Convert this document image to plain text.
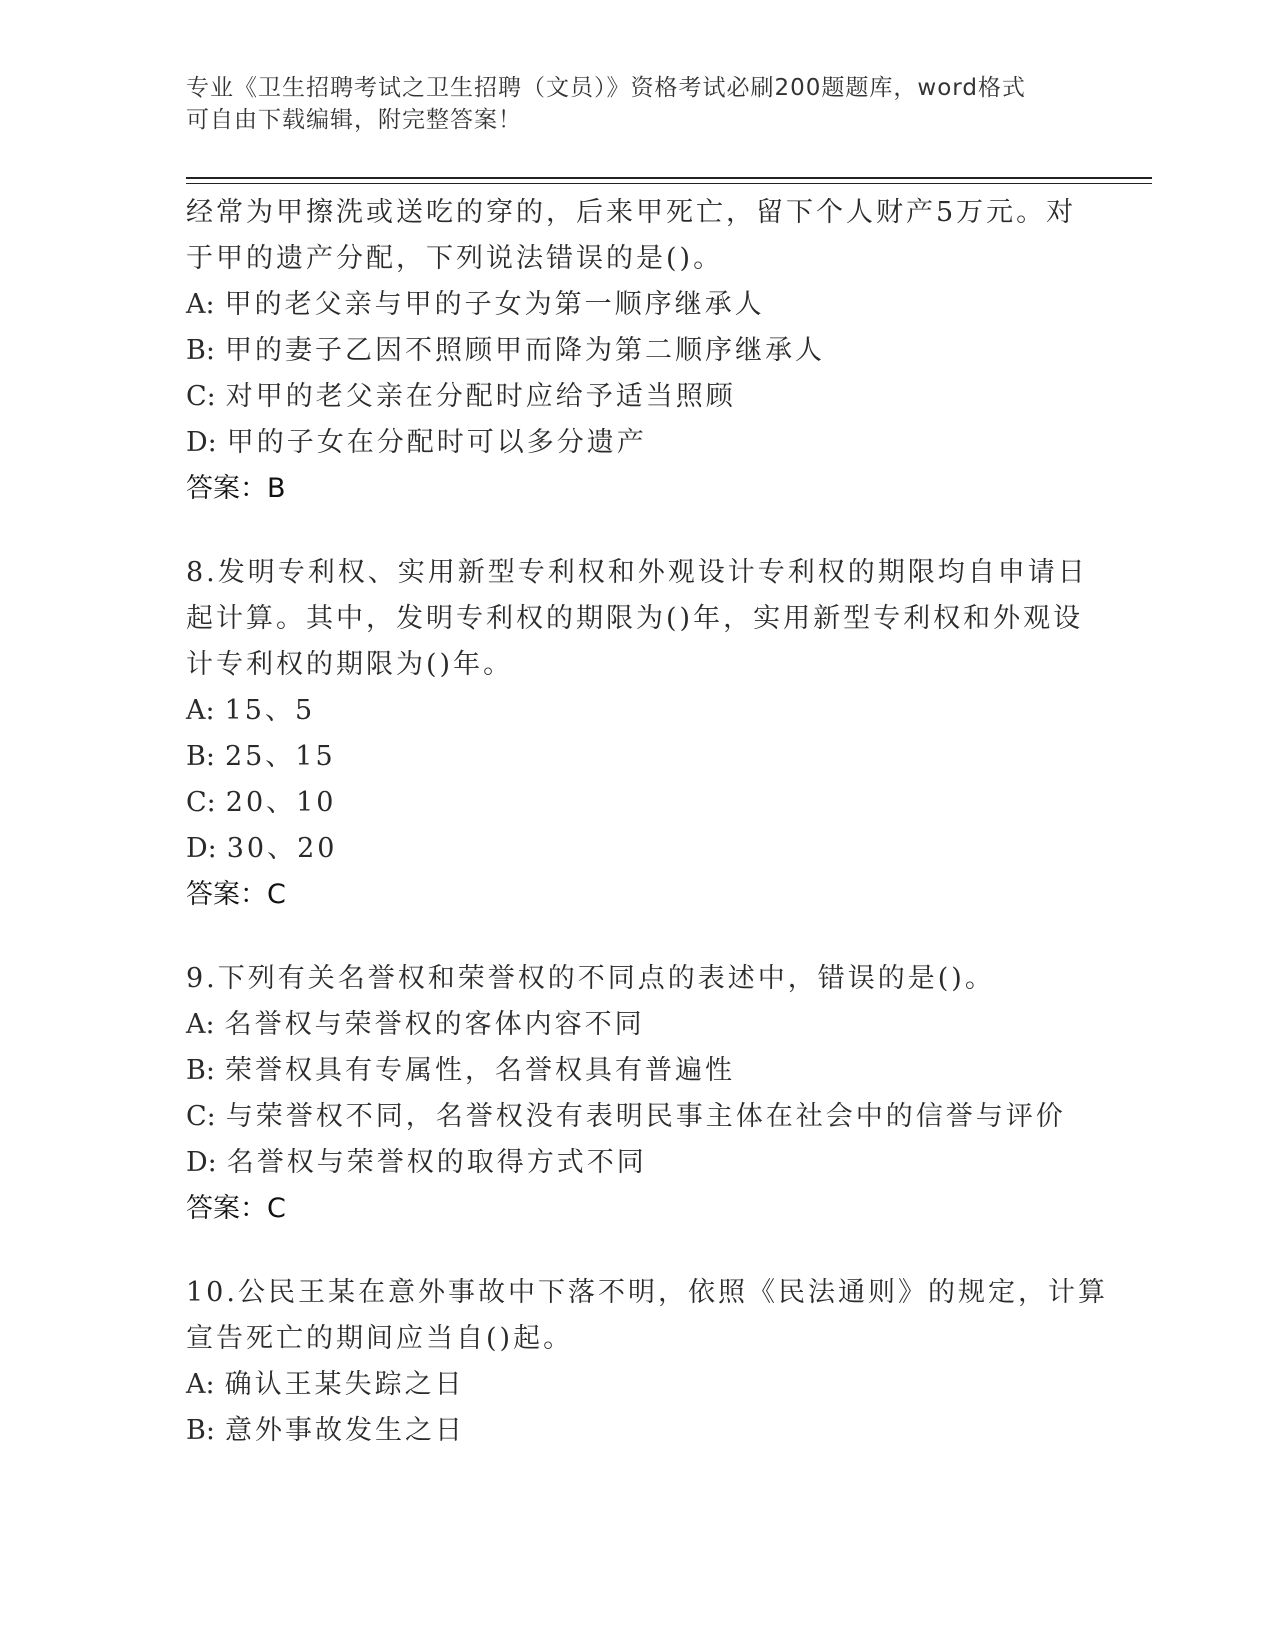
专业《卫生招聘考试之卫生招聘（文员）》资格考试必刷200题题库，word格式
可自由下载编辑，附完整答案！
经常为甲擦洗或送吃的穿的，后来甲死亡，留下个人财产5万元。对
于甲的遗产分配，下列说法错误的是()。
A: 甲的老父亲与甲的子女为第一顺序继承人
B: 甲的妻子乙因不照顾甲而降为第二顺序继承人
C: 对甲的老父亲在分配时应给予适当照顾
D: 甲的子女在分配时可以多分遗产
答案：B
8.发明专利权、实用新型专利权和外观设计专利权的期限均自申请日
起计算。其中，发明专利权的期限为()年，实用新型专利权和外观设
计专利权的期限为()年。
A: 15、5
B: 25、15
C: 20、10
D: 30、20
答案：C
9.下列有关名誉权和荣誉权的不同点的表述中，错误的是()。
A: 名誉权与荣誉权的客体内容不同
B: 荣誉权具有专属性，名誉权具有普遍性
C: 与荣誉权不同，名誉权没有表明民事主体在社会中的信誉与评价
D: 名誉权与荣誉权的取得方式不同
答案：C
10.公民王某在意外事故中下落不明，依照《民法通则》的规定，计算
宣告死亡的期间应当自()起。
A: 确认王某失踪之日
B: 意外事故发生之日
